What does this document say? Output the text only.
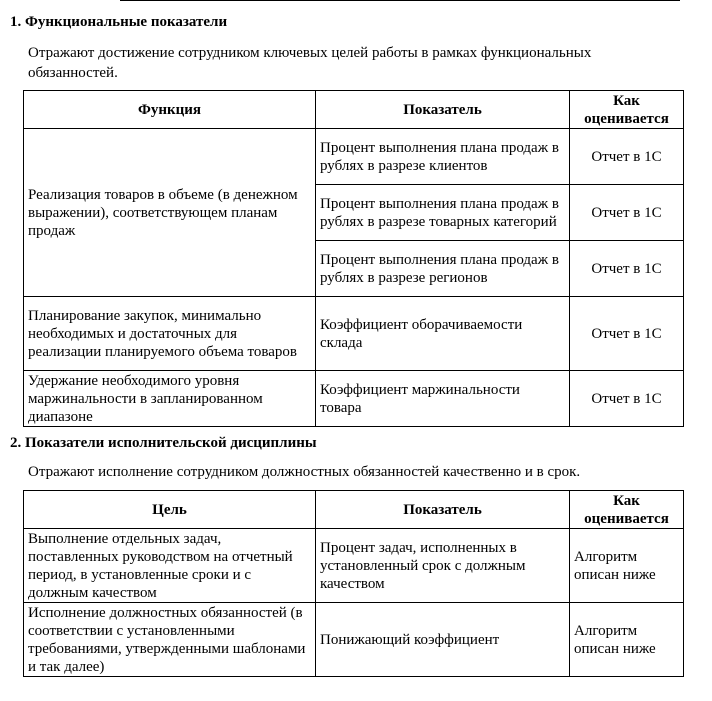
1. Функциональные показатели
Отражают достижение сотрудником ключевых целей работы в рамках функциональных
обязанностей.
Функция	Показатель	Как оценивается
Реализация товаров в объеме (в денежном выражении), соответствующем планам продаж	Процент выполнения плана продаж в рублях в разрезе клиентов	Отчет в 1С
	Процент выполнения плана продаж в рублях в разрезе товарных категорий	Отчет в 1С
	Процент выполнения плана продаж в рублях в разрезе регионов	Отчет в 1С
Планирование закупок, минимально необходимых и достаточных для реализации планируемого объема товаров	Коэффициент оборачиваемости склада	Отчет в 1С
Удержание необходимого уровня маржинальности в запланированном диапазоне	Коэффициент маржинальности товара	Отчет в 1С
2. Показатели исполнительской дисциплины
Отражают исполнение сотрудником должностных обязанностей качественно и в срок.
Цель	Показатель	Как оценивается
Выполнение отдельных задач, поставленных руководством на отчетный период, в установленные сроки и с должным качеством	Процент задач, исполненных в установленный срок с должным качеством	Алгоритм описан ниже
Исполнение должностных обязанностей (в соответствии с установленными требованиями, утвержденными шаблонами и так далее)	Понижающий коэффициент	Алгоритм описан ниже
